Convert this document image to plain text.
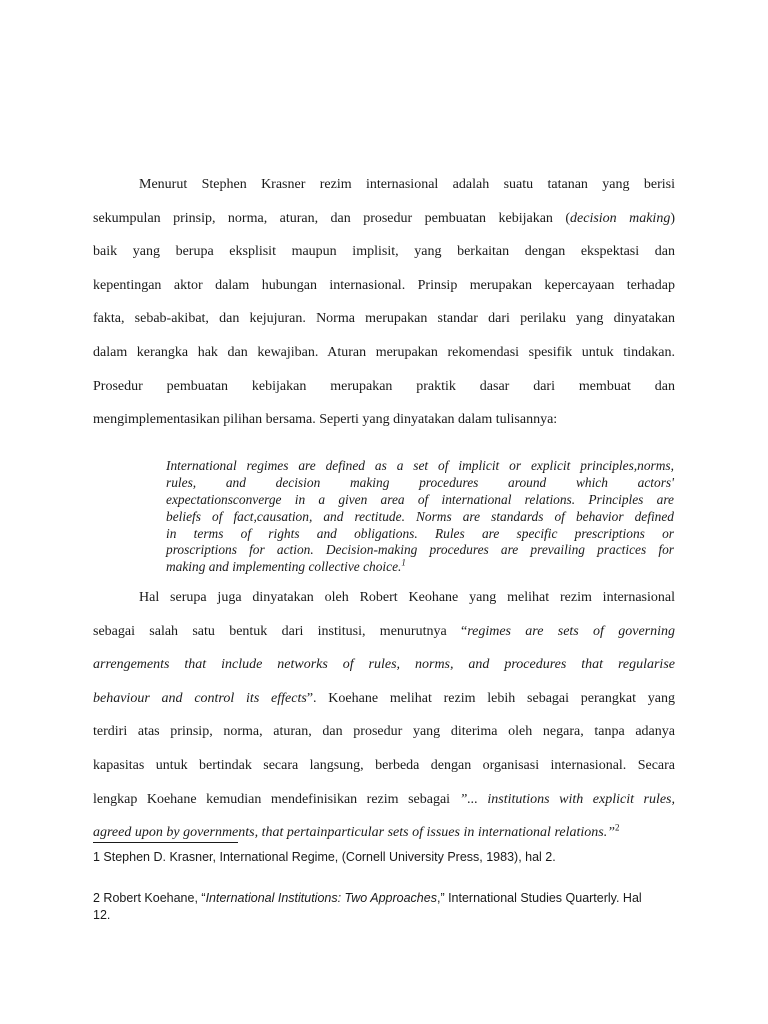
Menurut Stephen Krasner rezim internasional adalah suatu tatanan yang berisi
sekumpulan prinsip, norma, aturan, dan prosedur pembuatan kebijakan (decision making)
baik yang berupa eksplisit maupun implisit, yang berkaitan dengan ekspektasi dan
kepentingan aktor dalam hubungan internasional. Prinsip merupakan kepercayaan terhadap
fakta, sebab-akibat, dan kejujuran. Norma merupakan standar dari perilaku yang dinyatakan
dalam kerangka hak dan kewajiban. Aturan merupakan rekomendasi spesifik untuk tindakan.
Prosedur pembuatan kebijakan merupakan praktik dasar dari membuat dan
mengimplementasikan pilihan bersama. Seperti yang dinyatakan dalam tulisannya:
International regimes are defined as a set of implicit or explicit principles,norms,
rules, and decision making procedures around which actors'
expectationsconverge in a given area of international relations. Principles are
beliefs of fact,causation, and rectitude. Norms are standards of behavior defined
in terms of rights and obligations. Rules are specific prescriptions or
proscriptions for action. Decision-making procedures are prevailing practices for
making and implementing collective choice.$^1$
Hal serupa juga dinyatakan oleh Robert Keohane yang melihat rezim internasional
sebagai salah satu bentuk dari institusi, menurutnya “regimes are sets of governing
arrengements that include networks of rules, norms, and procedures that regularise
behaviour and control its effects”. Koehane melihat rezim lebih sebagai perangkat yang
terdiri atas prinsip, norma, aturan, dan prosedur yang diterima oleh negara, tanpa adanya
kapasitas untuk bertindak secara langsung, berbeda dengan organisasi internasional. Secara
lengkap Koehane kemudian mendefinisikan rezim sebagai ”... institutions with explicit rules,
agreed upon by governments, that pertainparticular sets of issues in international relations.”$^2$
1 Stephen D. Krasner, International Regime, (Cornell University Press, 1983), hal 2.
2 Robert Koehane, “International Institutions: Two Approaches,” International Studies Quarterly. Hal
12.
